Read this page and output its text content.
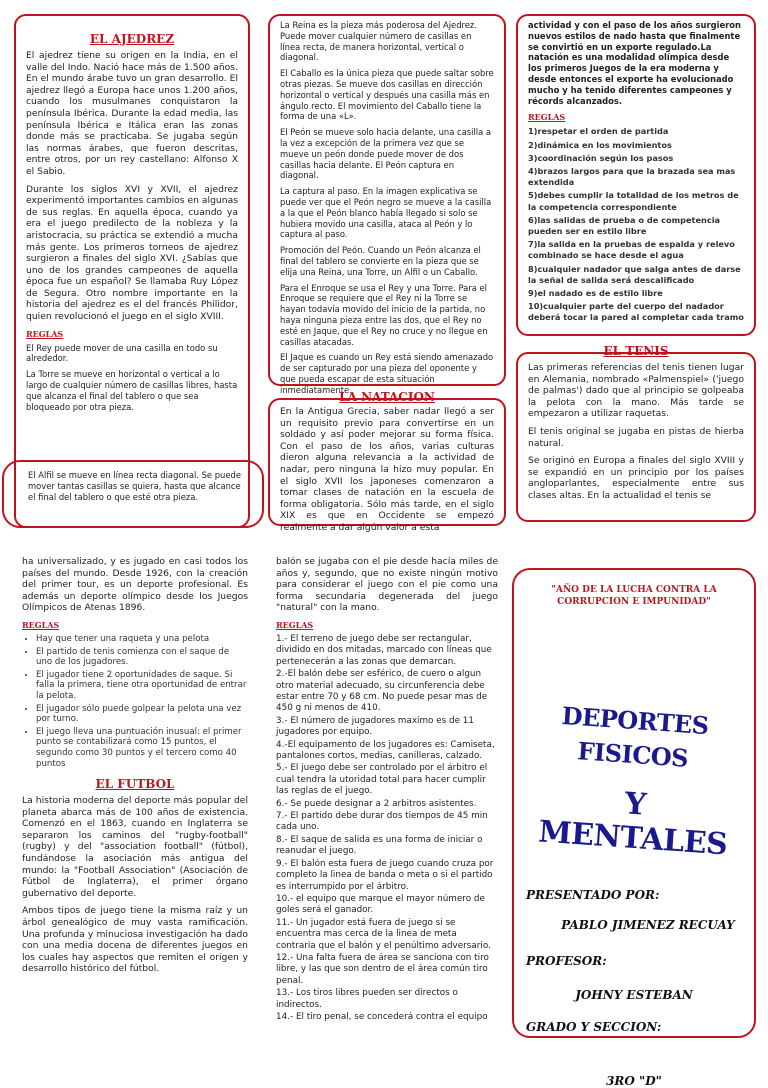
EL AJEDREZ

El ajedrez tiene su origen en la India, en el valle del Indo. Nació hace más de 1.500 años. En el mundo árabe tuvo un gran desarrollo. El ajedrez llegó a Europa hace unos 1.200 años, cuando los musulmanes conquistaron la península Ibérica. Durante la edad media, las península Ibérica e Itálica eran las zonas donde más se practicaba. Se jugaba según las normas árabes, que fueron descritas, entre otros, por un rey castellano: Alfonso X el Sabio.

Durante los siglos XVI y XVII, el ajedrez experimentó importantes cambios en algunas de sus reglas. En aquella época, cuando ya era el juego predilecto de la nobleza y la aristocracia, su práctica se extendió a mucha más gente. Los primeros torneos de ajedrez surgieron a finales del siglo XVI. ¿Sabías que uno de los grandes campeones de aquella época fue un español? Se llamaba Ruy López de Segura. Otro nombre importante en la historia del ajedrez es el del francés Philidor, quien revolucionó el juego en el siglo XVIII.

REGLAS

El Rey puede mover de una casilla en todo su alrededor.

La Torre se mueve en horizontal o vertical a lo largo de cualquier número de casillas libres, hasta que alcanza el final del tablero o que sea bloqueado por otra pieza.

El Alfil se mueve en línea recta diagonal. Se puede mover tantas casillas se quiera, hasta que alcance el final del tablero o que esté otra pieza.

La Reina es la pieza más poderosa del Ajedrez. Puede mover cualquier número de casillas en línea recta, de manera horizontal, vertical o diagonal.

El Caballo es la única pieza que puede saltar sobre otras piezas. Se mueve dos casillas en dirección horizontal o vertical y después una casilla más en ángulo recto. El movimiento del Caballo tiene la forma de una «L».

El Peón se mueve solo hacia delante, una casilla a la vez a excepción de la primera vez que se mueve un peón donde puede mover de dos casillas hacia delante. El Peón captura en diagonal.

La captura al paso. En la imagen explicativa se puede ver que el Peón negro se mueve a la casilla a la que el Peón blanco había llegado si solo se hubiera movido una casilla, ataca al Peón y lo captura al paso.

Promoción del Peón. Cuando un Peón alcanza el final del tablero se convierte en la pieza que se elija una Reina, una Torre, un Alfil o un Caballo.

Para el Enroque se usa el Rey y una Torre. Para el Enroque se requiere que el Rey ni la Torre se hayan todavía movido del inicio de la partida, no haya ninguna pieza entre las dos, que el Rey no esté en Jaque, que el Rey no cruce y no llegue en casillas atacadas.

El Jaque es cuando un Rey está siendo amenazado de ser capturado por una pieza del oponente y que pueda escapar de esta situación inmediatamente.

LA NATACION

En la Antigua Grecia, saber nadar llegó a ser un requisito previo para convertirse en un soldado y así poder mejorar su forma física. Con el paso de los años, varias culturas dieron alguna relevancia a la actividad de nadar, pero ninguna la hizo muy popular. En el siglo XVII los japoneses comenzaron a tomar clases de natación en la escuela de forma obligatoria. Sólo más tarde, en el siglo XIX es que en Occidente se empezó realmente a dar algún valor a esta

actividad y con el paso de los años surgieron nuevos estilos de nado hasta que finalmente se convirtió en un exporte regulado.La natación es una modalidad olímpica desde los primeros Juegos de la era moderna y desde entonces el exporte ha evolucionado mucho y ha tenido diferentes campeones y récords alcanzados.

REGLAS
1)respetar el orden de partida
2)dinámica en los movimientos
3)coordinación según los pasos
4)brazos largos para que la brazada sea mas extendida
5)debes cumplir la totalidad de los metros de la competencia correspondiente
6)las salidas de prueba o de competencia pueden ser en estilo libre
7)la salida en la pruebas de espalda y relevo combinado se hace desde el agua
8)cualquier nadador que salga antes de darse la señal de salida será descalificado
9)el nadado es de estilo libre
10)cualquier parte del cuerpo del nadador deberá tocar la pared al completar cada tramo
EL TENIS

Las primeras referencias del tenis tienen lugar en Alemania, nombrado «Palmenspiel» ('juego de palmas') dado que al principio se golpeaba la pelota con la mano. Más tarde se empezaron a utilizar raquetas.

El tenis original se jugaba en pistas de hierba natural.

Se originó en Europa a finales del siglo XVIII y se expandió en un principio por los países angloparlantes, especialmente entre sus clases altas. En la actualidad el tenis se

ha universalizado, y es jugado en casi todos los países del mundo. Desde 1926, con la creación del primer tour, es un deporte profesional. Es además un deporte olímpico desde los Juegos Olímpicos de Atenas 1896.

REGLAS
• Hay que tener una raqueta y una pelota
• El partido de tenis comienza con el saque de uno de los jugadores.
• El jugador tiene 2 oportunidades de saque. Si falla la primera, tiene otra oportunidad de entrar la pelota.
• El jugador sólo puede golpear la pelota una vez por turno.
• El juego lleva una puntuación inusual: el primer punto se contabilizará como 15 puntos, el segundo como 30 puntos y el tercero como 40 puntos
EL FUTBOL

La historia moderna del deporte más popular del planeta abarca más de 100 años de existencia. Comenzó en el 1863, cuando en Inglaterra se separaron los caminos del "rugby-football" (rugby) y del "association football" (fútbol), fundándose la asociación más antigua del mundo: la "Football Association" (Asociación de Fútbol de Inglaterra), el primer órgano gubernativo del deporte.

Ambos tipos de juego tiene la misma raíz y un árbol genealógico de muy vasta ramificación. Una profunda y minuciosa investigación ha dado con una media docena de diferentes juegos en los cuales hay aspectos que remiten el origen y desarrollo histórico del fútbol.

balón se jugaba con el pie desde hacía miles de años y, segundo, que no existe ningún motivo para considerar el juego con el pie como una forma secundaria degenerada del juego "natural" con la mano.

REGLAS

1.- El terreno de juego debe ser rectangular, dividido en dos mitadas, marcado con líneas que pertenecerán a las zonas que demarcan.

2.-El balón debe ser esférico, de cuero o algun otro material adecuado, su circunferencia debe estar entre 70 y 68 cm. No puede pesar mas de 450 g ni menos de 410.

3.- El número de jugadores maximo es de 11 jugadores por equipo.

4.-El equipamento de los jugadores es: Camiseta, pantalones cortos, medias, canilleras, calzado.

5.- El juego debe ser controlado por el árbitro el cual tendra la utoridad total para hacer cumplir las reglas de el juego.

6.- Se puede designar a 2 arbitros asistentes.

7.- El partido debe durar dos tiempos de 45 min cada uno.

8.- El saque de salida es una forma de iniciar o reanudar el juego.

9.- El balón esta fuera de juego cuando cruza por completo la linea de banda o meta o si el partido es interrumpido por el árbitro.

10.- el equipo que marque el mayor número de goles será el ganador.

11.- Un jugador está fuera de juego si se encuentra mas cerca de la linea de meta contraria que el balón y el penúltimo adversario.

12.- Una falta fuera de área se sanciona con tiro libre, y las que son dentro de el área común tiro penal.

13.- Los tiros libres pueden ser directos o indirectos.

14.- El tiro penal, se concederá contra el equipo

"AÑO DE LA LUCHA CONTRA LA CORRUPCION E IMPUNIDAD"
DEPORTES FISICOS
Y MENTALES

PRESENTADO POR:

PABLO JIMENEZ RECUAY

PROFESOR:

JOHNY ESTEBAN

GRADO Y SECCION:

3RO "D"
